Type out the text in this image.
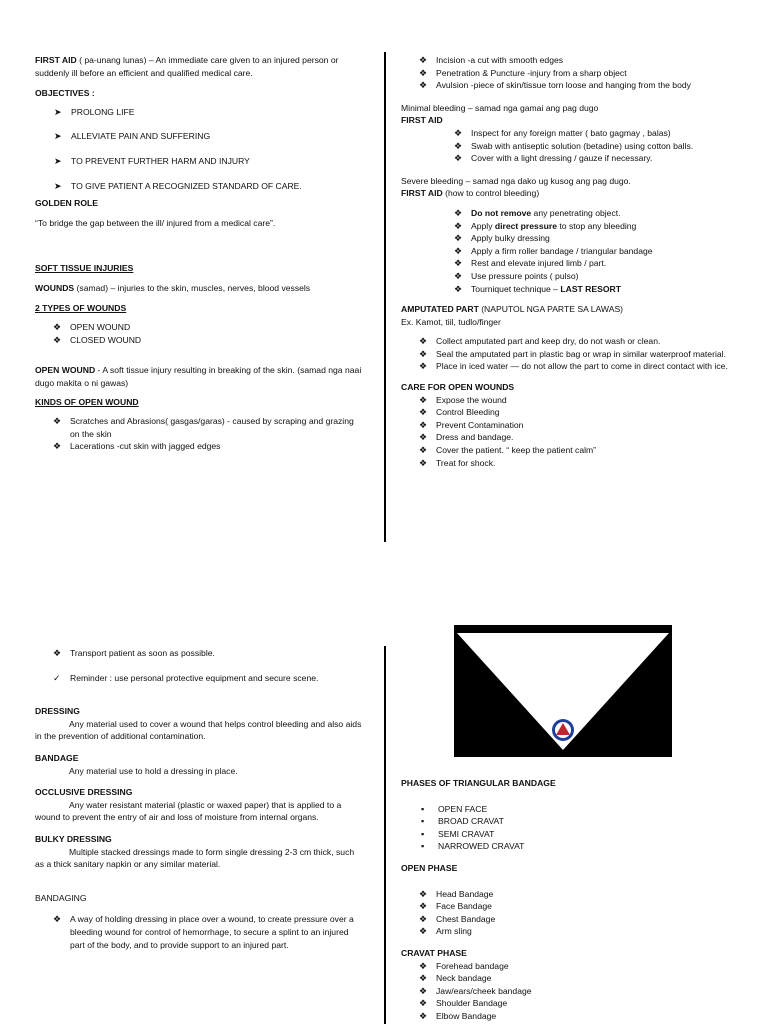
FIRST AID ( pa-unang lunas) – An immediate care given to an injured person or suddenly ill before an efficient and qualified medical care.

OBJECTIVES :

➤ PROLONG LIFE
➤ ALLEVIATE PAIN AND SUFFERING
➤ TO PREVENT FURTHER HARM AND INJURY
➤ TO GIVE PATIENT A RECOGNIZED STANDARD OF CARE.

GOLDEN ROLE

“To bridge the gap between the ill/ injured from a medical care”.

SOFT TISSUE INJURIES

WOUNDS (samad) – injuries to the skin, muscles, nerves, blood vessels

2 TYPES OF WOUNDS

❖ OPEN WOUND
❖ CLOSED WOUND

OPEN WOUND - A soft tissue injury resulting in breaking of the skin. (samad nga naai dugo makita o ni gawas)

KINDS OF OPEN WOUND

❖ Scratches and Abrasions( gasgas/garas) - caused by scraping and grazing on the skin
❖ Lacerations -cut skin with jagged edges
❖ Incision -a cut with smooth edges
❖ Penetration & Puncture -injury from a sharp object
❖ Avulsion -piece of skin/tissue torn loose and hanging from the body

Minimal bleeding – samad nga gamai ang pag dugo

FIRST AID

❖ Inspect for any foreign matter ( bato gagmay , balas)
❖ Swab with antiseptic solution (betadine) using cotton balls.
❖ Cover with a light dressing / gauze if necessary.

Severe bleeding – samad nga dako ug kusog ang pag dugo.

FIRST AID (how to control bleeding)

❖ Do not remove any penetrating object.
❖ Apply direct pressure to stop any bleeding
❖ Apply bulky dressing
❖ Apply a firm roller bandage / triangular bandage
❖ Rest and elevate injured limb / part.
❖ Use pressure points ( pulso)
❖ Tourniquet technique – LAST RESORT

AMPUTATED PART (NAPUTOL NGA PARTE SA LAWAS)

Ex. Kamot, tiil, tudlo/finger

❖ Collect amputated part and keep dry, do not wash or clean.
❖ Seal the amputated part in plastic bag or wrap in similar waterproof material.
❖ Place in iced water — do not allow the part to come in direct contact with ice.

CARE FOR OPEN WOUNDS

❖ Expose the wound
❖ Control Bleeding
❖ Prevent Contamination
❖ Dress and bandage.
❖ Cover the patient. “ keep the patient calm”
❖ Treat for shock.
❖ Transport patient as soon as possible.
✓ Reminder : use personal protective equipment and secure scene.

DRESSING

Any material used to cover a wound that helps control bleeding and also aids in the prevention of additional contamination.

BANDAGE

Any material use to hold a dressing in place.

OCCLUSIVE DRESSING

Any water resistant material (plastic or waxed paper) that is applied to a wound to prevent the entry of air and loss of moisture from internal organs.

BULKY DRESSING

Multiple stacked dressings made to form single dressing 2-3 cm thick, such as a thick sanitary napkin or any similar material.

BANDAGING

❖ A way of holding dressing in place over a wound, to create pressure over a bleeding wound for control of hemorrhage, to secure a splint to an injured part of the body, and to provide support to an injured part.

PHASES OF TRIANGULAR BANDAGE

▪ OPEN FACE
▪ BROAD CRAVAT
▪ SEMI CRAVAT
▪ NARROWED CRAVAT

OPEN PHASE

❖ Head Bandage
❖ Face Bandage
❖ Chest Bandage
❖ Arm sling

CRAVAT PHASE

❖ Forehead bandage
❖ Neck bandage
❖ Jaw/ears/cheek bandage
❖ Shoulder Bandage
❖ Elbow Bandage
